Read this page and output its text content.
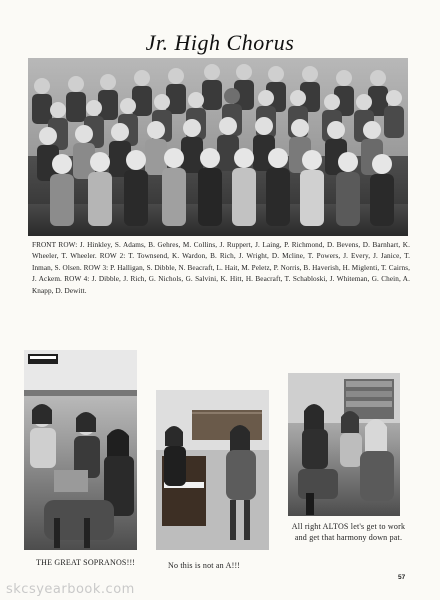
Jr. High Chorus
FRONT ROW: J. Hinkley, S. Adams, B. Gehres, M. Collins, J. Ruppert, J. Laing, P. Richmond, D. Bevens, D. Barnhart, K. Wheeler, T. Wheeler. ROW 2: T. Townsend, K. Wardon, B. Rich, J. Wright, D. Mcline, T. Powers, J. Every, J. Janice, T. Inman, S. Olsen. ROW 3: P. Halligan, S. Dibble, N. Beacraft, L. Hait, M. Peletz, P. Norris, B. Haverish, H. Miglenti, T. Cairns, J. Ackem. ROW 4: J. Dibble, J. Rich, G. Nichols, G. Salvini, K. Hitt, H. Beacraft, T. Schabloski, J. Whiteman, G. Chein, A. Knapp, D. Dewitt.
THE GREAT SOPRANOS!!!	No this is not an A!!!
All right ALTOS let's get to work and get that harmony down pat.
skcsyearbook.com
57
